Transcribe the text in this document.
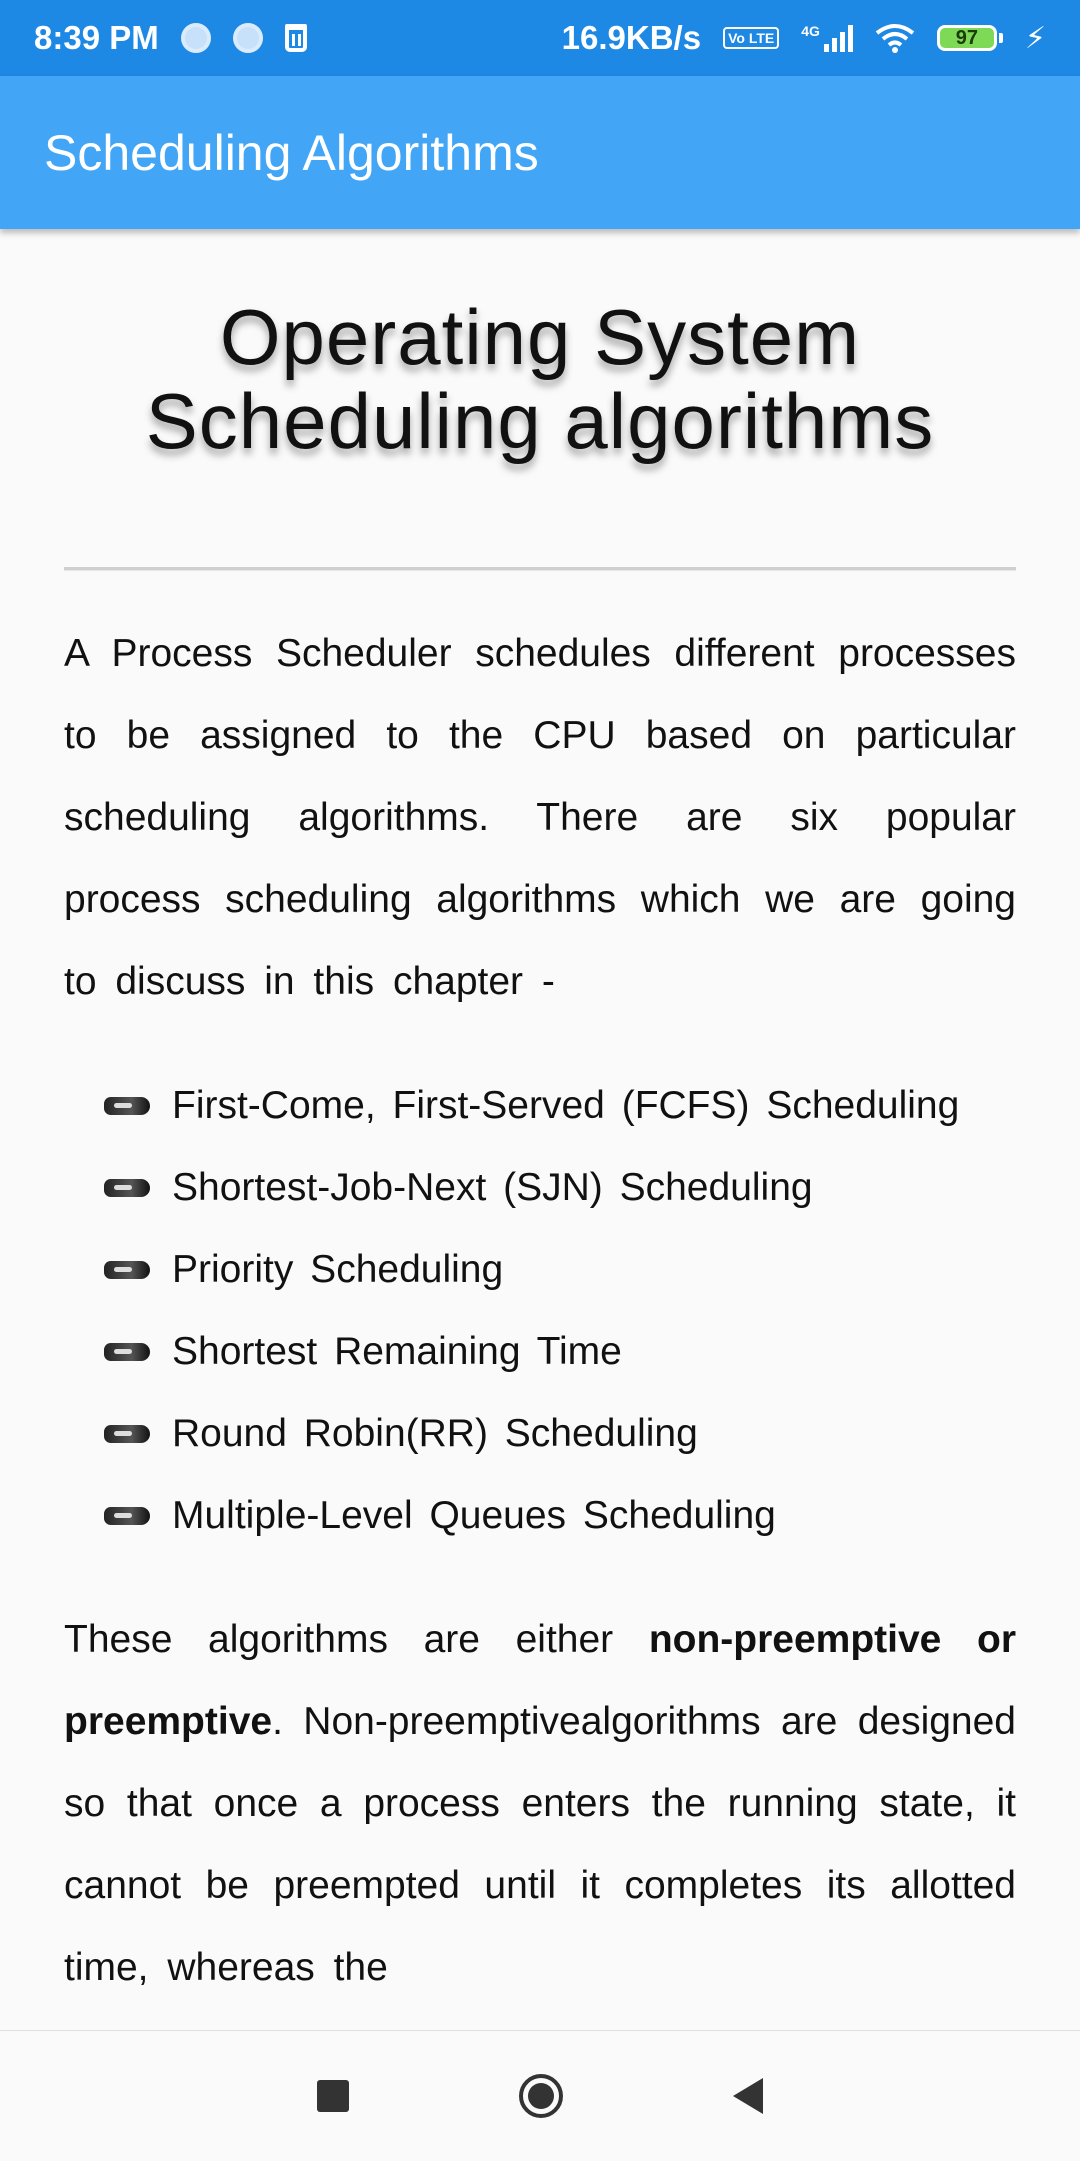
8:39 PM	16.9KB/s	Vo LTE	4G	97	⚡
Scheduling Algorithms
Operating System
Scheduling algorithms

A Process Scheduler schedules different processes to be assigned to the CPU based on particular scheduling algorithms. There are six popular process scheduling algorithms which we are going to discuss in this chapter -

First-Come, First-Served (FCFS) Scheduling
Shortest-Job-Next (SJN) Scheduling
Priority Scheduling
Shortest Remaining Time
Round Robin(RR) Scheduling
Multiple-Level Queues Scheduling

These algorithms are either non-preemptive or preemptive. Non-preemptivealgorithms are designed so that once a process enters the running state, it cannot be preempted until it completes its allotted time, whereas the
